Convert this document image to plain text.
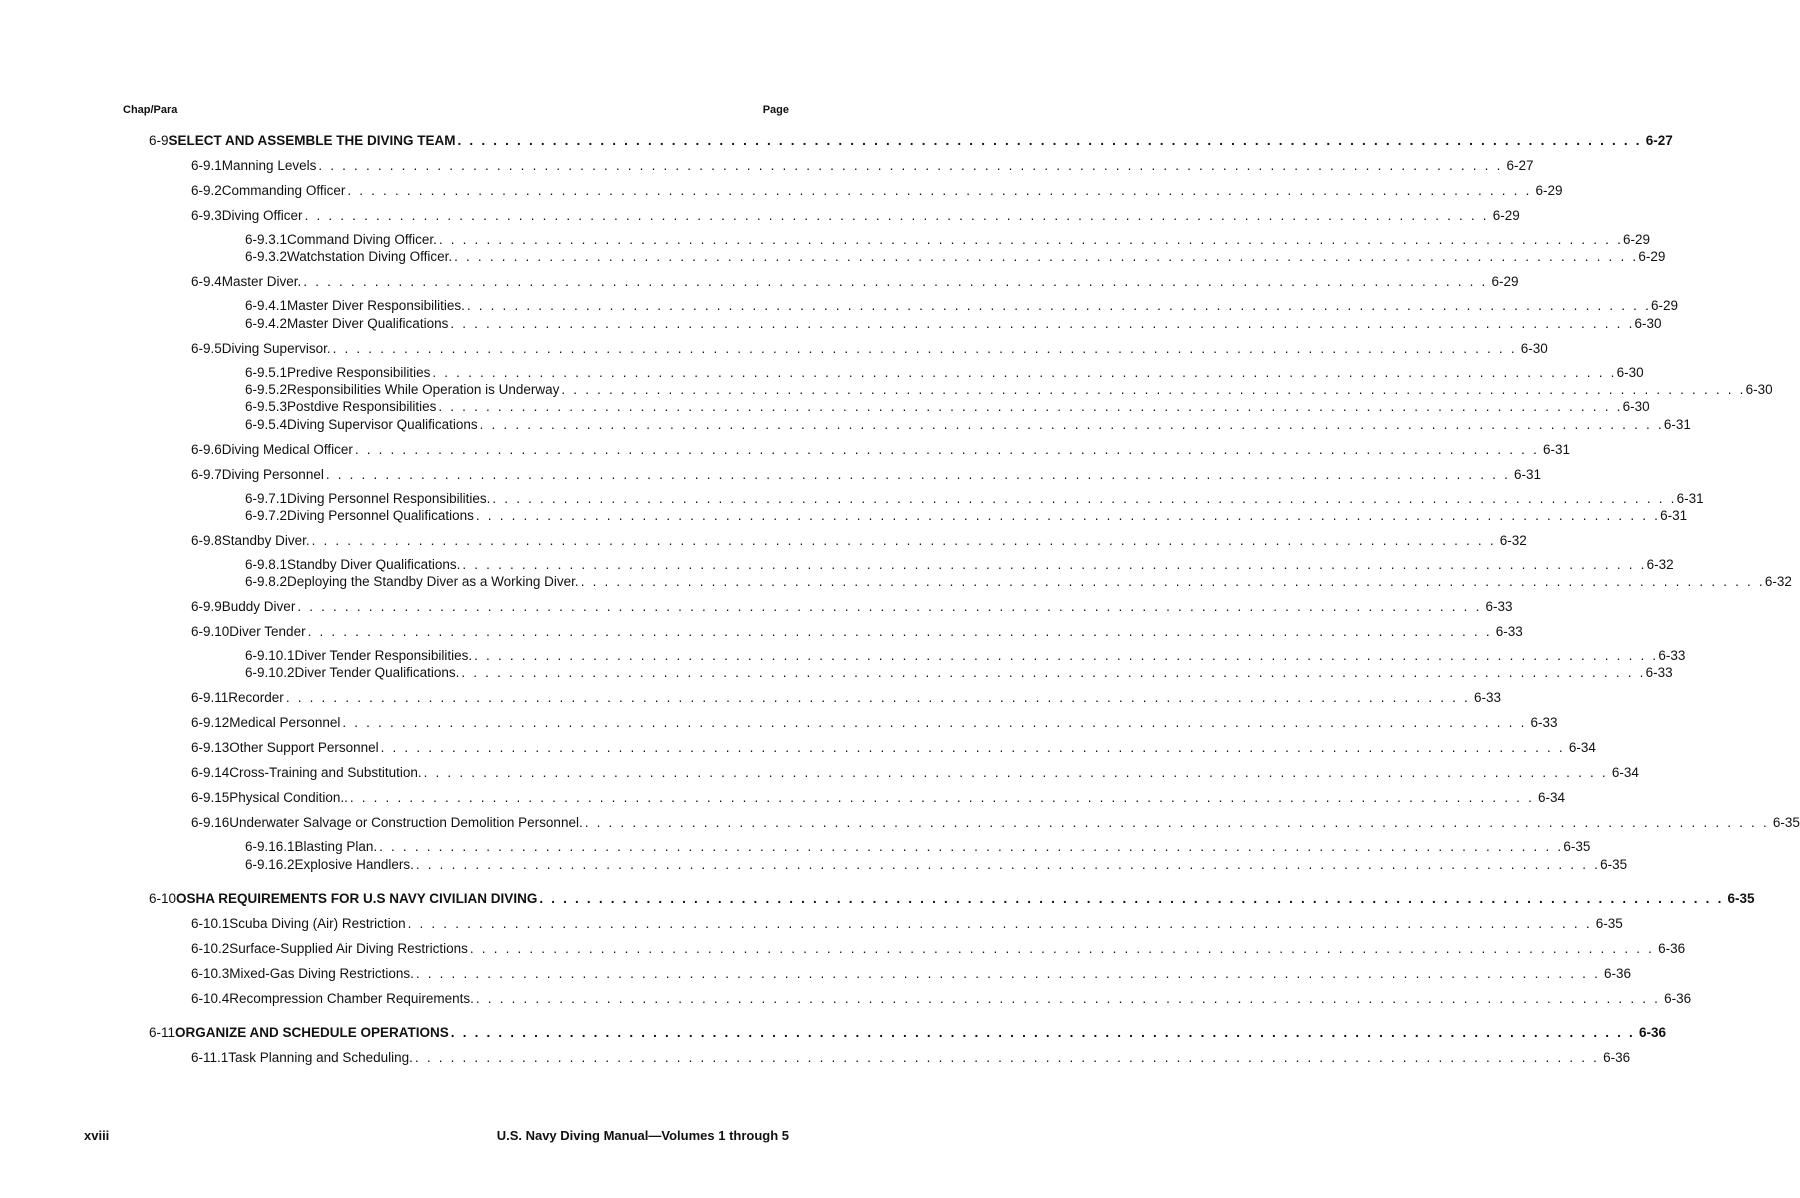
Chap/Para	Page
6-9 SELECT AND ASSEMBLE THE DIVING TEAM . . . . . . . . . . . . . . . . . . . . . . . . . . . . . . . . . . . . . . . . . . . . . . . . . . . . . . . . . . . . . . . . . . . . . . . . . . . . . . . . . . . . . . . . . . . . . . . . . . . . 6-27
6-9.1 Manning Levels . . . . . . . . . . . . . . . . . . . . . . . . . . . . . . . . . . . . . . . . . . . . . . . . . . . . . . . . . . . . . . . . . . . . . . . . . . . . . . . . . . . . . . . . . . . . . . . . . . . . 6-27
6-9.2 Commanding Officer . . . . . . . . . . . . . . . . . . . . . . . . . . . . . . . . . . . . . . . . . . . . . . . . . . . . . . . . . . . . . . . . . . . . . . . . . . . . . . . . . . . . . . . . . . . . . . . . . . . . 6-29
6-9.3 Diving Officer . . . . . . . . . . . . . . . . . . . . . . . . . . . . . . . . . . . . . . . . . . . . . . . . . . . . . . . . . . . . . . . . . . . . . . . . . . . . . . . . . . . . . . . . . . . . . . . . . . . . 6-29
6-9.3.1 Command Diving Officer. . . . . . . . . . . . . . . . . . . . . . . . . . . . . . . . . . . . . . . . . . . . . . . . . . . . . . . . . . . . . . . . . . . . . . . . . . . . . . . . . . . . . . . . . . . . . . . . . . . . . 6-29
6-9.3.2 Watchstation Diving Officer. . . . . . . . . . . . . . . . . . . . . . . . . . . . . . . . . . . . . . . . . . . . . . . . . . . . . . . . . . . . . . . . . . . . . . . . . . . . . . . . . . . . . . . . . . . . . . . . . . . . . 6-29
6-9.4 Master Diver. . . . . . . . . . . . . . . . . . . . . . . . . . . . . . . . . . . . . . . . . . . . . . . . . . . . . . . . . . . . . . . . . . . . . . . . . . . . . . . . . . . . . . . . . . . . . . . . . . . . . 6-29
6-9.4.1 Master Diver Responsibilities. . . . . . . . . . . . . . . . . . . . . . . . . . . . . . . . . . . . . . . . . . . . . . . . . . . . . . . . . . . . . . . . . . . . . . . . . . . . . . . . . . . . . . . . . . . . . . . . . . . . . 6-29
6-9.4.2 Master Diver Qualifications . . . . . . . . . . . . . . . . . . . . . . . . . . . . . . . . . . . . . . . . . . . . . . . . . . . . . . . . . . . . . . . . . . . . . . . . . . . . . . . . . . . . . . . . . . . . . . . . . . . . 6-30
6-9.5 Diving Supervisor. . . . . . . . . . . . . . . . . . . . . . . . . . . . . . . . . . . . . . . . . . . . . . . . . . . . . . . . . . . . . . . . . . . . . . . . . . . . . . . . . . . . . . . . . . . . . . . . . . . . . 6-30
6-9.5.1 Predive Responsibilities . . . . . . . . . . . . . . . . . . . . . . . . . . . . . . . . . . . . . . . . . . . . . . . . . . . . . . . . . . . . . . . . . . . . . . . . . . . . . . . . . . . . . . . . . . . . . . . . . . . . 6-30
6-9.5.2 Responsibilities While Operation is Underway . . . . . . . . . . . . . . . . . . . . . . . . . . . . . . . . . . . . . . . . . . . . . . . . . . . . . . . . . . . . . . . . . . . . . . . . . . . . . . . . . . . . . . . . . . . . . . . . . . . . 6-30
6-9.5.3 Postdive Responsibilities . . . . . . . . . . . . . . . . . . . . . . . . . . . . . . . . . . . . . . . . . . . . . . . . . . . . . . . . . . . . . . . . . . . . . . . . . . . . . . . . . . . . . . . . . . . . . . . . . . . . 6-30
6-9.5.4 Diving Supervisor Qualifications . . . . . . . . . . . . . . . . . . . . . . . . . . . . . . . . . . . . . . . . . . . . . . . . . . . . . . . . . . . . . . . . . . . . . . . . . . . . . . . . . . . . . . . . . . . . . . . . . . . . 6-31
6-9.6 Diving Medical Officer . . . . . . . . . . . . . . . . . . . . . . . . . . . . . . . . . . . . . . . . . . . . . . . . . . . . . . . . . . . . . . . . . . . . . . . . . . . . . . . . . . . . . . . . . . . . . . . . . . . . 6-31
6-9.7 Diving Personnel . . . . . . . . . . . . . . . . . . . . . . . . . . . . . . . . . . . . . . . . . . . . . . . . . . . . . . . . . . . . . . . . . . . . . . . . . . . . . . . . . . . . . . . . . . . . . . . . . . . . 6-31
6-9.7.1 Diving Personnel Responsibilities. . . . . . . . . . . . . . . . . . . . . . . . . . . . . . . . . . . . . . . . . . . . . . . . . . . . . . . . . . . . . . . . . . . . . . . . . . . . . . . . . . . . . . . . . . . . . . . . . . . . . 6-31
6-9.7.2 Diving Personnel Qualifications . . . . . . . . . . . . . . . . . . . . . . . . . . . . . . . . . . . . . . . . . . . . . . . . . . . . . . . . . . . . . . . . . . . . . . . . . . . . . . . . . . . . . . . . . . . . . . . . . . . . 6-31
6-9.8 Standby Diver. . . . . . . . . . . . . . . . . . . . . . . . . . . . . . . . . . . . . . . . . . . . . . . . . . . . . . . . . . . . . . . . . . . . . . . . . . . . . . . . . . . . . . . . . . . . . . . . . . . . . 6-32
6-9.8.1 Standby Diver Qualifications. . . . . . . . . . . . . . . . . . . . . . . . . . . . . . . . . . . . . . . . . . . . . . . . . . . . . . . . . . . . . . . . . . . . . . . . . . . . . . . . . . . . . . . . . . . . . . . . . . . . . 6-32
6-9.8.2 Deploying the Standby Diver as a Working Diver. . . . . . . . . . . . . . . . . . . . . . . . . . . . . . . . . . . . . . . . . . . . . . . . . . . . . . . . . . . . . . . . . . . . . . . . . . . . . . . . . . . . . . . . . . . . . . . . . . . . . 6-32
6-9.9 Buddy Diver . . . . . . . . . . . . . . . . . . . . . . . . . . . . . . . . . . . . . . . . . . . . . . . . . . . . . . . . . . . . . . . . . . . . . . . . . . . . . . . . . . . . . . . . . . . . . . . . . . . . 6-33
6-9.10 Diver Tender . . . . . . . . . . . . . . . . . . . . . . . . . . . . . . . . . . . . . . . . . . . . . . . . . . . . . . . . . . . . . . . . . . . . . . . . . . . . . . . . . . . . . . . . . . . . . . . . . . . . 6-33
6-9.10.1 Diver Tender Responsibilities. . . . . . . . . . . . . . . . . . . . . . . . . . . . . . . . . . . . . . . . . . . . . . . . . . . . . . . . . . . . . . . . . . . . . . . . . . . . . . . . . . . . . . . . . . . . . . . . . . . . . 6-33
6-9.10.2 Diver Tender Qualifications. . . . . . . . . . . . . . . . . . . . . . . . . . . . . . . . . . . . . . . . . . . . . . . . . . . . . . . . . . . . . . . . . . . . . . . . . . . . . . . . . . . . . . . . . . . . . . . . . . . . . 6-33
6-9.11 Recorder . . . . . . . . . . . . . . . . . . . . . . . . . . . . . . . . . . . . . . . . . . . . . . . . . . . . . . . . . . . . . . . . . . . . . . . . . . . . . . . . . . . . . . . . . . . . . . . . . . . . 6-33
6-9.12 Medical Personnel . . . . . . . . . . . . . . . . . . . . . . . . . . . . . . . . . . . . . . . . . . . . . . . . . . . . . . . . . . . . . . . . . . . . . . . . . . . . . . . . . . . . . . . . . . . . . . . . . . . . 6-33
6-9.13 Other Support Personnel . . . . . . . . . . . . . . . . . . . . . . . . . . . . . . . . . . . . . . . . . . . . . . . . . . . . . . . . . . . . . . . . . . . . . . . . . . . . . . . . . . . . . . . . . . . . . . . . . . . . 6-34
6-9.14 Cross-Training and Substitution. . . . . . . . . . . . . . . . . . . . . . . . . . . . . . . . . . . . . . . . . . . . . . . . . . . . . . . . . . . . . . . . . . . . . . . . . . . . . . . . . . . . . . . . . . . . . . . . . . . . . 6-34
6-9.15 Physical Condition.. . . . . . . . . . . . . . . . . . . . . . . . . . . . . . . . . . . . . . . . . . . . . . . . . . . . . . . . . . . . . . . . . . . . . . . . . . . . . . . . . . . . . . . . . . . . . . . . . . . . . 6-34
6-9.16 Underwater Salvage or Construction Demolition Personnel. . . . . . . . . . . . . . . . . . . . . . . . . . . . . . . . . . . . . . . . . . . . . . . . . . . . . . . . . . . . . . . . . . . . . . . . . . . . . . . . . . . . . . . . . . . . . . . . . . . . . 6-35
6-9.16.1 Blasting Plan. . . . . . . . . . . . . . . . . . . . . . . . . . . . . . . . . . . . . . . . . . . . . . . . . . . . . . . . . . . . . . . . . . . . . . . . . . . . . . . . . . . . . . . . . . . . . . . . . . . . . 6-35
6-9.16.2 Explosive Handlers. . . . . . . . . . . . . . . . . . . . . . . . . . . . . . . . . . . . . . . . . . . . . . . . . . . . . . . . . . . . . . . . . . . . . . . . . . . . . . . . . . . . . . . . . . . . . . . . . . . . . 6-35
6-10 OSHA REQUIREMENTS FOR U.S NAVY CIVILIAN DIVING . . . . . . . . . . . . . . . . . . . . . . . . . . . . . . . . . . . . . . . . . . . . . . . . . . . . . . . . . . . . . . . . . . . . . . . . . . . . . . . . . . . . . . . . . . . . . . . . . . . . 6-35
6-10.1 Scuba Diving (Air) Restriction . . . . . . . . . . . . . . . . . . . . . . . . . . . . . . . . . . . . . . . . . . . . . . . . . . . . . . . . . . . . . . . . . . . . . . . . . . . . . . . . . . . . . . . . . . . . . . . . . . . . 6-35
6-10.2 Surface-Supplied Air Diving Restrictions . . . . . . . . . . . . . . . . . . . . . . . . . . . . . . . . . . . . . . . . . . . . . . . . . . . . . . . . . . . . . . . . . . . . . . . . . . . . . . . . . . . . . . . . . . . . . . . . . . . . 6-36
6-10.3 Mixed-Gas Diving Restrictions. . . . . . . . . . . . . . . . . . . . . . . . . . . . . . . . . . . . . . . . . . . . . . . . . . . . . . . . . . . . . . . . . . . . . . . . . . . . . . . . . . . . . . . . . . . . . . . . . . . . . 6-36
6-10.4 Recompression Chamber Requirements. . . . . . . . . . . . . . . . . . . . . . . . . . . . . . . . . . . . . . . . . . . . . . . . . . . . . . . . . . . . . . . . . . . . . . . . . . . . . . . . . . . . . . . . . . . . . . . . . . . . . 6-36
6-11 ORGANIZE AND SCHEDULE OPERATIONS . . . . . . . . . . . . . . . . . . . . . . . . . . . . . . . . . . . . . . . . . . . . . . . . . . . . . . . . . . . . . . . . . . . . . . . . . . . . . . . . . . . . . . . . . . . . . . . . . . . . 6-36
6-11.1 Task Planning and Scheduling. . . . . . . . . . . . . . . . . . . . . . . . . . . . . . . . . . . . . . . . . . . . . . . . . . . . . . . . . . . . . . . . . . . . . . . . . . . . . . . . . . . . . . . . . . . . . . . . . . . . . 6-36
xviii	U.S. Navy Diving Manual—Volumes 1 through 5
